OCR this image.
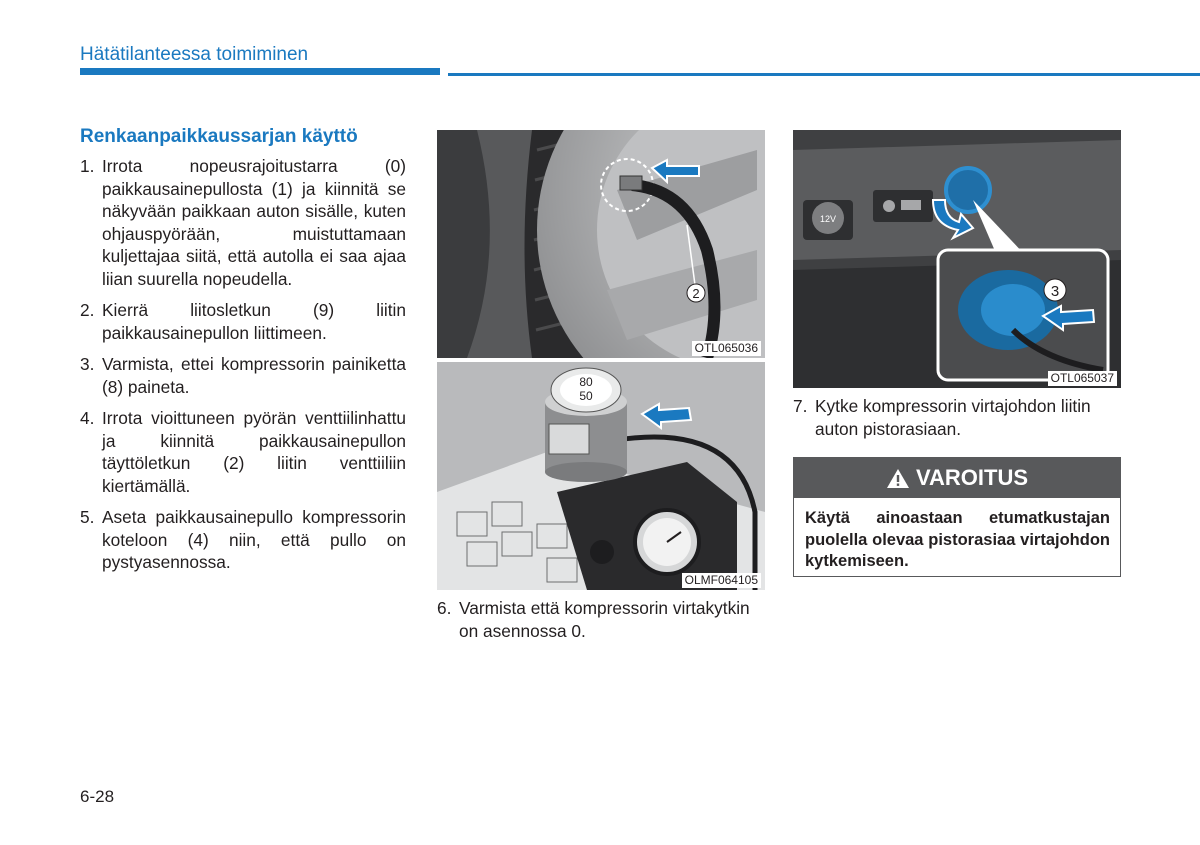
Hätätilanteessa toimiminen
Renkaanpaikkaussarjan käyttö
1. Irrota nopeusrajoitustarra (0) paikkausainepullosta (1) ja kiinnitä se näkyvään paikkaan auton sisälle, kuten ohjauspyörään, muistuttamaan kuljettajaa siitä, että autolla ei saa ajaa liian suurella nopeudella.
2. Kierrä liitosletkun (9) liitin paikkausainepullon liittimeen.
3. Varmista, ettei kompressorin painiketta (8) paineta.
4. Irrota vioittuneen pyörän venttiilinhattu ja kiinnitä paikkausainepullon täyttöletkun (2) liitin venttiiliin kiertämällä.
5. Aseta paikkausainepullo kompressorin koteloon (4) niin, että pullo on pystyasennossa.
2
OTL065036
80
50
OLMF064105
12V
3
OTL065037
6. Varmista että kompressorin virtakytkin on asennossa 0.
7. Kytke kompressorin virtajohdon liitin auton pistorasiaan.
VAROITUS
Käytä ainoastaan etumatkustajan puolella olevaa pistorasiaa virtajohdon kytkemiseen.
6-28
